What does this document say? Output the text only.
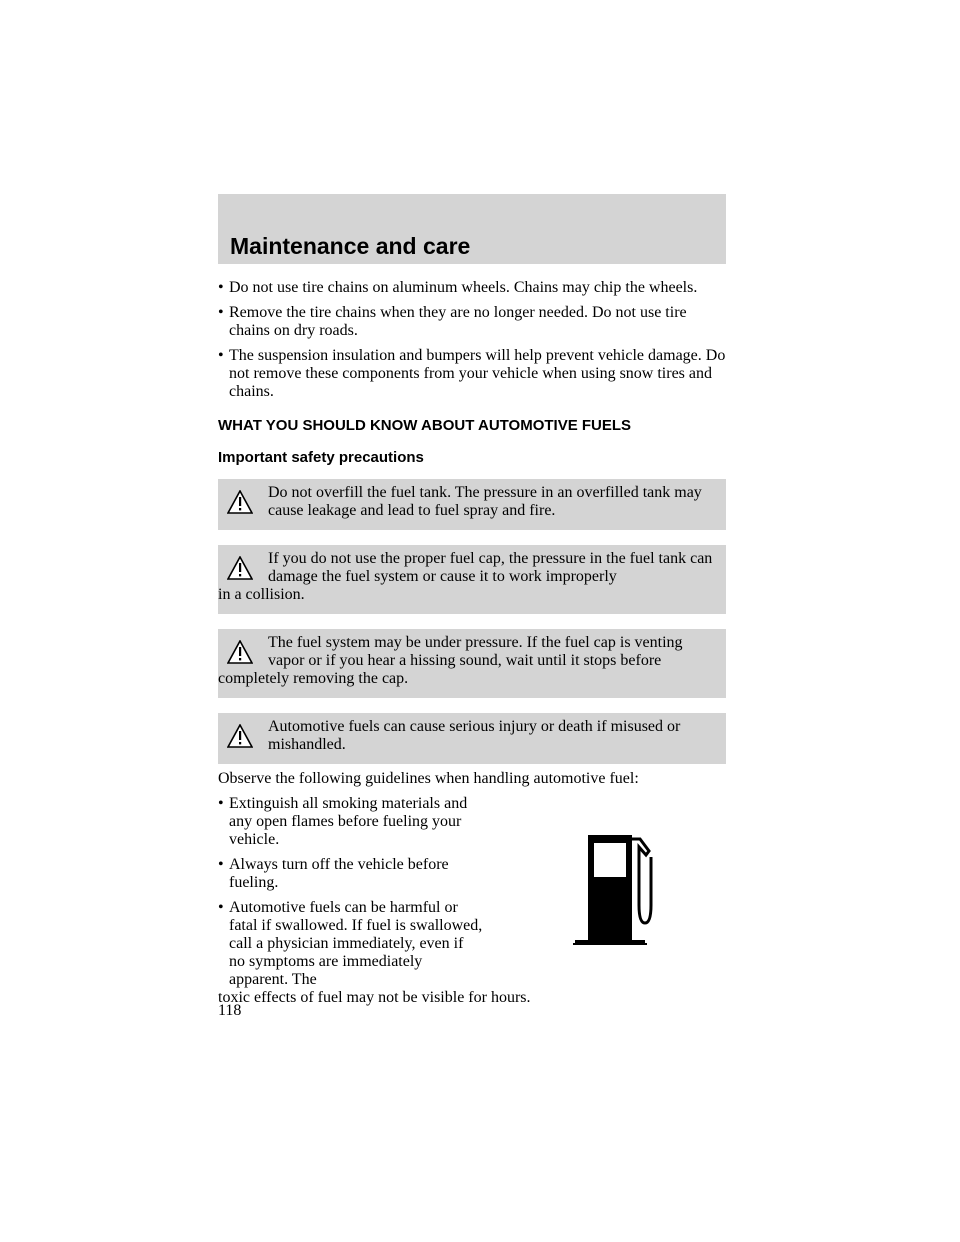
Maintenance and care
• Do not use tire chains on aluminum wheels. Chains may chip the wheels.
• Remove the tire chains when they are no longer needed. Do not use tire chains on dry roads.
• The suspension insulation and bumpers will help prevent vehicle damage. Do not remove these components from your vehicle when using snow tires and chains.
WHAT YOU SHOULD KNOW ABOUT AUTOMOTIVE FUELS
Important safety precautions
Do not overfill the fuel tank. The pressure in an overfilled tank may cause leakage and lead to fuel spray and fire.
If you do not use the proper fuel cap, the pressure in the fuel tank can damage the fuel system or cause it to work improperly
in a collision.
The fuel system may be under pressure. If the fuel cap is venting vapor or if you hear a hissing sound, wait until it stops before
completely removing the cap.
Automotive fuels can cause serious injury or death if misused or mishandled.
Observe the following guidelines when handling automotive fuel:
• Extinguish all smoking materials and any open flames before fueling your vehicle.
• Always turn off the vehicle before fueling.
• Automotive fuels can be harmful or fatal if swallowed. If fuel is swallowed, call a physician immediately, even if no symptoms are immediately apparent. The
toxic effects of fuel may not be visible for hours.
118
